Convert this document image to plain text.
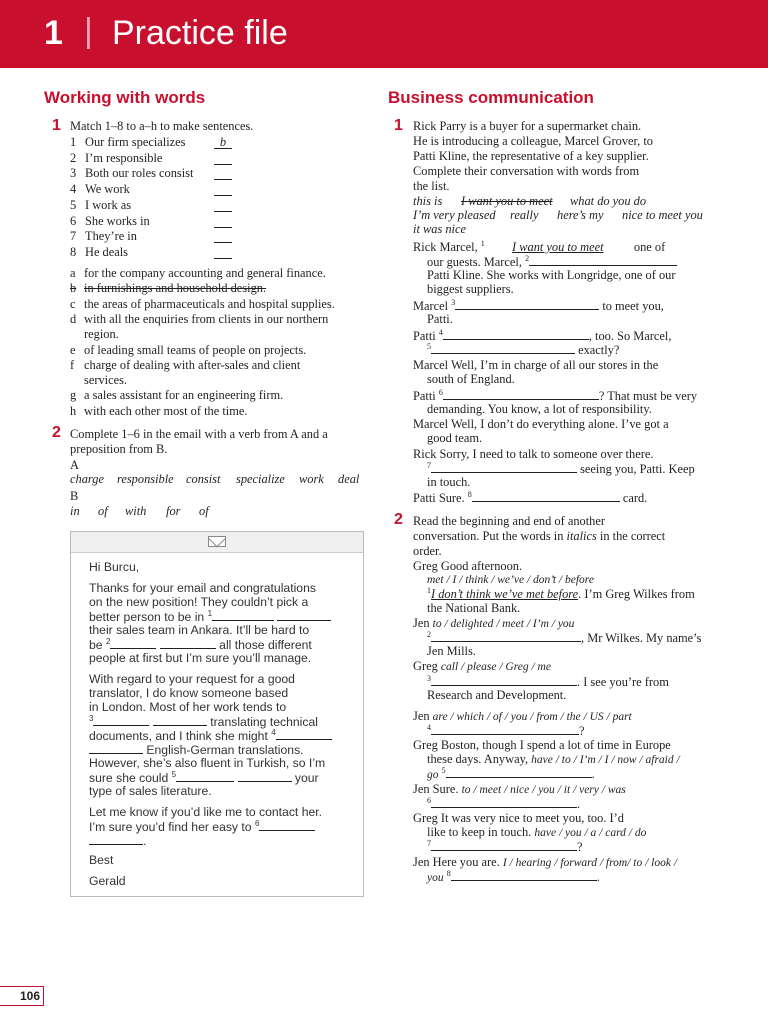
1 | Practice file
Working with words
1 Match 1–8 to a–h to make sentences.
1 Our firm specializes	b
2 I’m responsible
3 Both our roles consist
4 We work
5 I work as
6 She works in
7 They’re in
8 He deals
a for the company accounting and general finance.
b in furnishings and household design.
c the areas of pharmaceuticals and hospital supplies.
d with all the enquiries from clients in our northern
region.
e of leading small teams of people on projects.
f charge of dealing with after-sales and client
services.
g a sales assistant for an engineering firm.
h with each other most of the time.
2 Complete 1–6 in the email with a verb from A and a
preposition from B.
A
charge responsible consist specialize work deal
B
in of with for of
Hi Burcu,
Thanks for your email and congratulations
on the new position! They couldn’t pick a
better person to be in $^1$
their sales team in Ankara. It’ll be hard to
be $^2$	all those different
people at first but I’m sure you’ll manage.
With regard to your request for a good
translator, I do know someone based
in London. Most of her work tends to
$^3$	translating technical
documents, and I think she might $^4$
English-German translations.
However, she’s also fluent in Turkish, so I’m
sure she could $^5$	your
type of sales literature.
Let me know if you’d like me to contact her.
I’m sure you’d find her easy to $^6$
.
Best
Gerald
Business communication
1 Rick Parry is a buyer for a supermarket chain.
He is introducing a colleague, Marcel Grover, to
Patti Kline, the representative of a key supplier.
Complete their conversation with words from
the list.
this is I want you to meet what do you do
I’m very pleased really here’s my nice to meet you
it was nice
Rick Marcel, $^1$ I want you to meet one of
our guests. Marcel, $^2$
Patti Kline. She works with Longridge, one of our
biggest suppliers.
Marcel $^3$	to meet you,
Patti.
Patti $^4$	, too. So Marcel,
$^5$	exactly?
Marcel Well, I’m in charge of all our stores in the
south of England.
Patti $^6$	? That must be very
demanding. You know, a lot of responsibility.
Marcel Well, I don’t do everything alone. I’ve got a
good team.
Rick Sorry, I need to talk to someone over there.
$^7$	seeing you, Patti. Keep
in touch.
Patti Sure. $^8$	card.
2 Read the beginning and end of another
conversation. Put the words in italics in the correct
order.
Greg Good afternoon.
met / I / think / we’ve / don’t / before
$^1$I don’t think we’ve met before. I’m Greg Wilkes from
the National Bank.
Jen to / delighted / meet / I’m / you
$^2$	, Mr Wilkes. My name’s
Jen Mills.
Greg call / please / Greg / me
$^3$	. I see you’re from
Research and Development.
Jen are / which / of / you / from / the / US / part
$^4$	?
Greg Boston, though I spend a lot of time in Europe
these days. Anyway, have / to / I’m / I / now / afraid /
go $^5$	.
Jen Sure. to / meet / nice / you / it / very / was
$^6$	.
Greg It was very nice to meet you, too. I’d
like to keep in touch. have / you / a / card / do
$^7$	?
Jen Here you are. I / hearing / forward / from/ to / look /
you $^8$	.
106
